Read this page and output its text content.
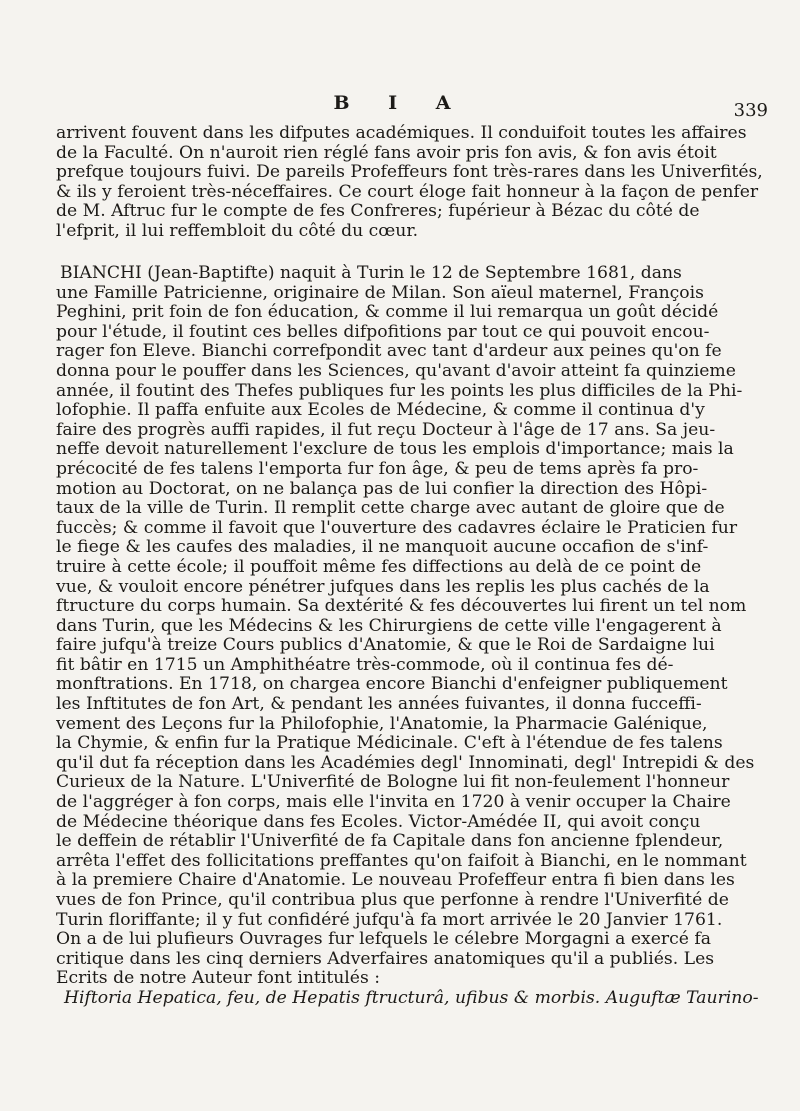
B I A	339
arrivent fouvent dans les difputes académiques. Il conduifoit toutes les affaires
de la Faculté. On n'auroit rien réglé fans avoir pris fon avis, & fon avis étoit
prefque toujours fuivi. De pareils Profeffeurs font très-rares dans les Univerfités,
& ils y feroient très-néceffaires. Ce court éloge fait honneur à la façon de penfer
de M. Aftruc fur le compte de fes Confreres; fupérieur à Bézac du côté de
l'efprit, il lui reffembloit du côté du cœur.
BIANCHI (Jean-Baptifte) naquit à Turin le 12 de Septembre 1681, dans
une Famille Patricienne, originaire de Milan. Son aïeul maternel, François
Peghini, prit foin de fon éducation, & comme il lui remarqua un goût décidé
pour l'étude, il foutint ces belles difpofitions par tout ce qui pouvoit encou-
rager fon Eleve. Bianchi correfpondit avec tant d'ardeur aux peines qu'on fe
donna pour le pouffer dans les Sciences, qu'avant d'avoir atteint fa quinzieme
année, il foutint des Thefes publiques fur les points les plus difficiles de la Phi-
lofophie. Il paffa enfuite aux Ecoles de Médecine, & comme il continua d'y
faire des progrès auffi rapides, il fut reçu Docteur à l'âge de 17 ans. Sa jeu-
neffe devoit naturellement l'exclure de tous les emplois d'importance; mais la
précocité de fes talens l'emporta fur fon âge, & peu de tems après fa pro-
motion au Doctorat, on ne balança pas de lui confier la direction des Hôpi-
taux de la ville de Turin. Il remplit cette charge avec autant de gloire que de
fuccès; & comme il favoit que l'ouverture des cadavres éclaire le Praticien fur
le fiege & les caufes des maladies, il ne manquoit aucune occafion de s'inf-
truire à cette école; il pouffoit même fes diffections au delà de ce point de
vue, & vouloit encore pénétrer jufques dans les replis les plus cachés de la
ftructure du corps humain. Sa dextérité & fes découvertes lui firent un tel nom
dans Turin, que les Médecins & les Chirurgiens de cette ville l'engagerent à
faire jufqu'à treize Cours publics d'Anatomie, & que le Roi de Sardaigne lui
fit bâtir en 1715 un Amphithéatre très-commode, où il continua fes dé-
monftrations. En 1718, on chargea encore Bianchi d'enfeigner publiquement
les Inftitutes de fon Art, & pendant les années fuivantes, il donna fucceffi-
vement des Leçons fur la Philofophie, l'Anatomie, la Pharmacie Galénique,
la Chymie, & enfin fur la Pratique Médicinale. C'eft à l'étendue de fes talens
qu'il dut fa réception dans les Académies degl' Innominati, degl' Intrepidi & des
Curieux de la Nature. L'Univerfité de Bologne lui fit non-feulement l'honneur
de l'aggréger à fon corps, mais elle l'invita en 1720 à venir occuper la Chaire
de Médecine théorique dans fes Ecoles. Victor-Amédée II, qui avoit conçu
le deffein de rétablir l'Univerfité de fa Capitale dans fon ancienne fplendeur,
arrêta l'effet des follicitations preffantes qu'on faifoit à Bianchi, en le nommant
à la premiere Chaire d'Anatomie. Le nouveau Profeffeur entra fi bien dans les
vues de fon Prince, qu'il contribua plus que perfonne à rendre l'Univerfité de
Turin floriffante; il y fut confidéré jufqu'à fa mort arrivée le 20 Janvier 1761.
On a de lui plufieurs Ouvrages fur lefquels le célebre Morgagni a exercé fa
critique dans les cinq derniers Adverfaires anatomiques qu'il a publiés. Les
Ecrits de notre Auteur font intitulés :
Hiftoria Hepatica, feu, de Hepatis ftructurâ, ufibus & morbis. Auguftæ Taurino-
